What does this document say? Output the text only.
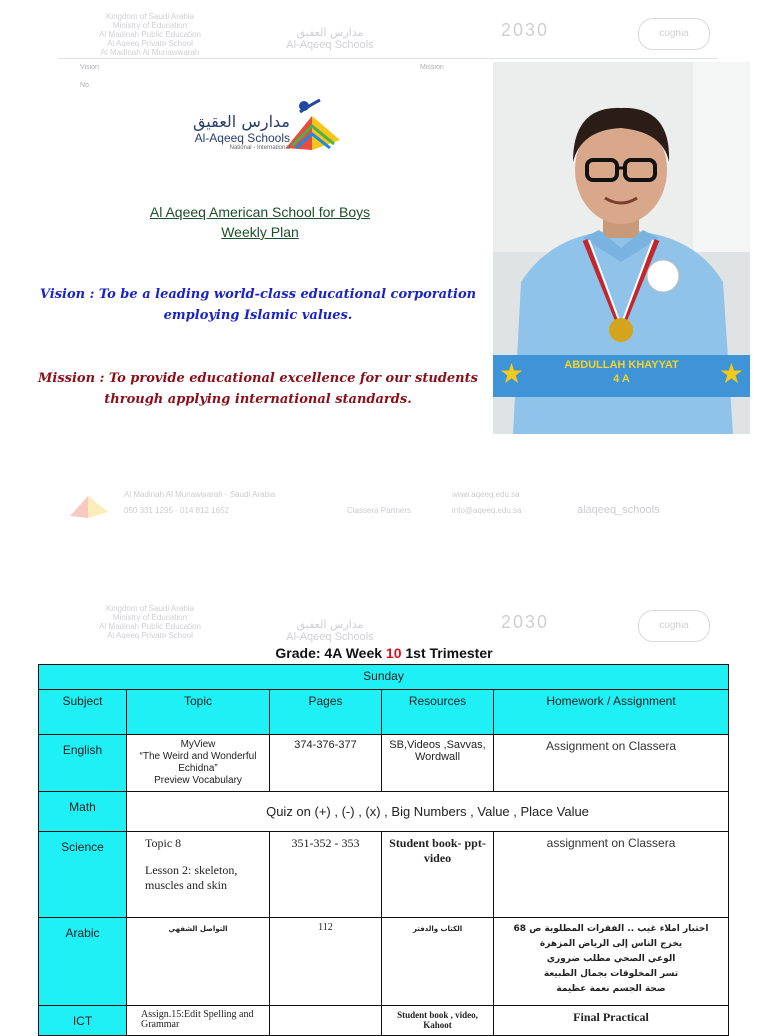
Kingdom of Saudi Arabia
Ministry of Education
Al Madinah Public Education
Al Aqeeq Private School
Al Madinah Al Munawwarah
مدارس العقيق
Al-Aqeeq Schools
2030	cognia
Vision	Mission
No.
مدارس العقيق
Al-Aqeeq Schools
National - International
Al Aqeeq American School for Boys
Weekly Plan
Vision : To be a leading world-class educational corporation employing Islamic values.
Mission : To provide educational excellence for our students through applying international standards.
★	★
ABDULLAH KHAYYAT
4 A
Al Madinah Al Munawwarah - Saudi Arabia
050 331 1295 - 014 812 1652	Classera Partners
www.aqeeq.edu.sa
info@aqeeq.edu.sa	alaqeeq_schools
Kingdom of Saudi Arabia
Ministry of Education
Al Madinah Public Education
Al Aqeeq Private School
مدارس العقيق
Al-Aqeeq Schools
2030	cognia
Grade: 4A Week 10 1st Trimester
Sunday				
Subject	Topic	Pages	Resources	Homework / Assignment
English	MyView
“The Weird and Wonderful Echidna”
Preview Vocabulary	374-376-377	SB,Videos ,Savvas, Wordwall	Assignment on Classera
Math	Quiz on (+) , (-) , (x) , Big Numbers , Value , Place Value			
Science	Topic 8
Lesson 2: skeleton, muscles and skin	351-352 - 353	Student book- ppt- video	assignment on Classera
Arabic	التواصل الشفهي	112	الكتاب والدفتر	اختبار املاء غيب .. الفقرات المطلوبة ص 68
يخرج الناس إلى الرياض المزهرة
الوعي الصحي مطلب ضروري
تسر المخلوقات بجمال الطبيعة
صحة الجسم نعمة عظيمة

ICT	Assign.15:Edit Spelling and Grammar		Student book , video, Kahoot	Final Practical
